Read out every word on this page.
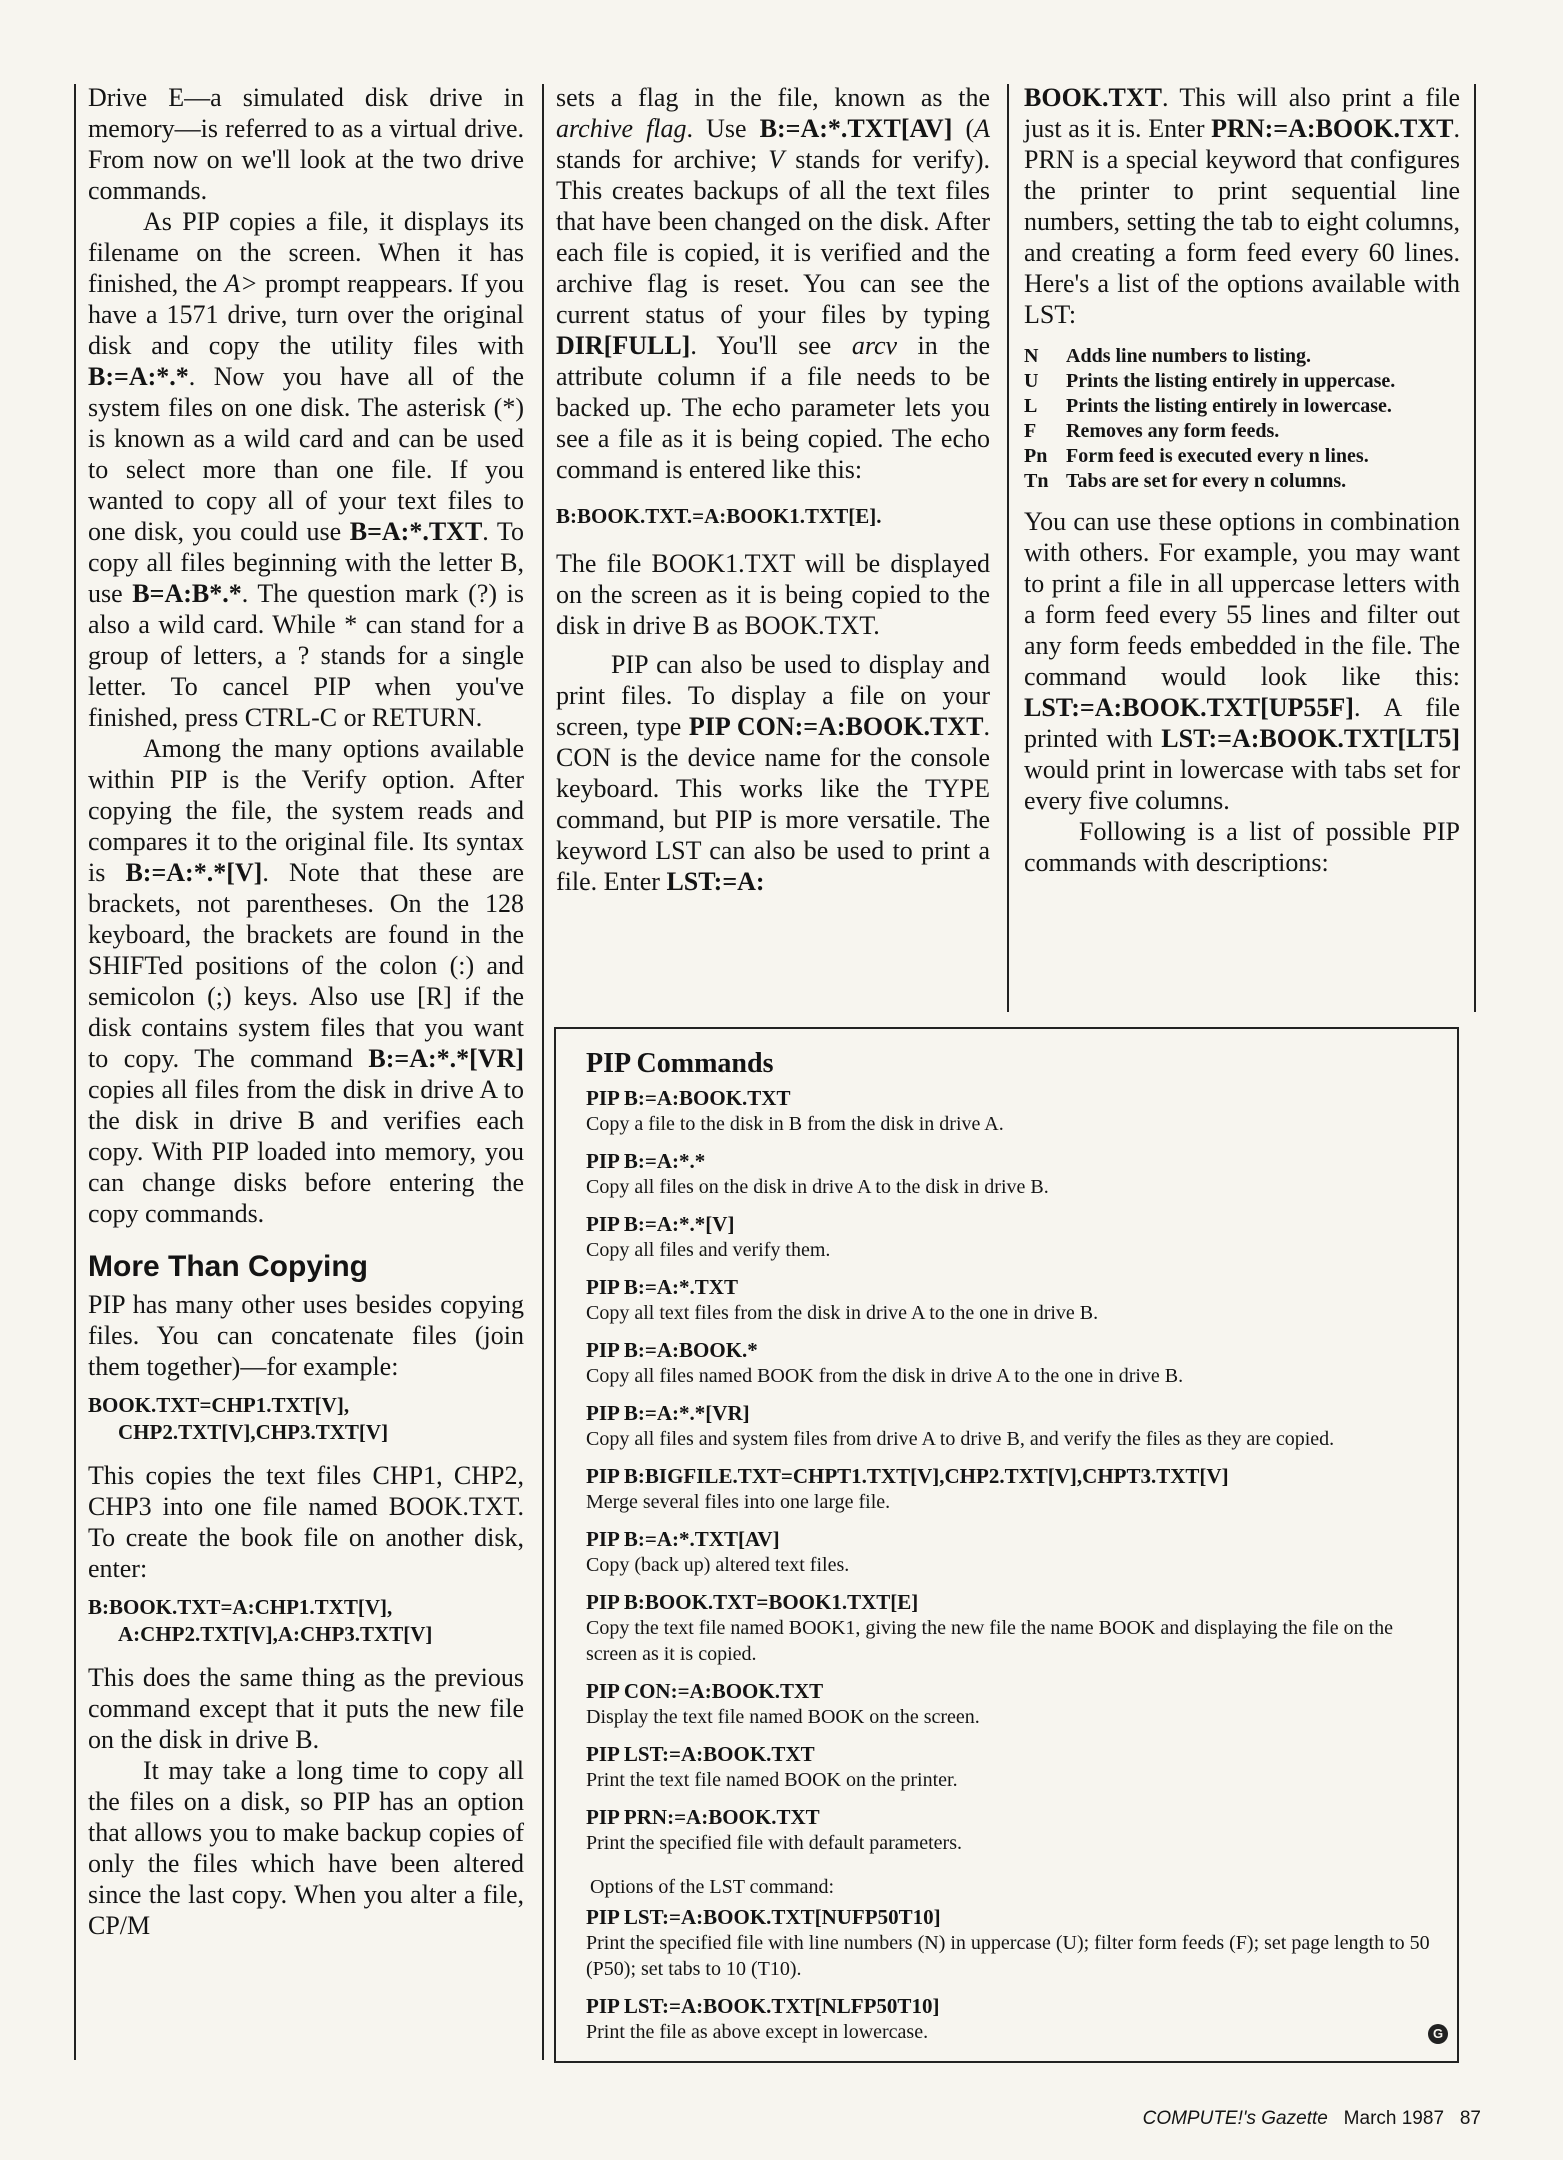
Drive E—a simulated disk drive in memory—is referred to as a virtual drive. From now on we'll look at the two drive commands.

As PIP copies a file, it displays its filename on the screen. When it has finished, the A> prompt reappears. If you have a 1571 drive, turn over the original disk and copy the utility files with B:=A:*.*. Now you have all of the system files on one disk. The asterisk (*) is known as a wild card and can be used to select more than one file. If you wanted to copy all of your text files to one disk, you could use B=A:*.TXT. To copy all files beginning with the letter B, use B=A:B*.*. The question mark (?) is also a wild card. While * can stand for a group of letters, a ? stands for a single letter. To cancel PIP when you've finished, press CTRL-C or RETURN.

Among the many options available within PIP is the Verify option. After copying the file, the system reads and compares it to the original file. Its syntax is B:=A:*.*[V]. Note that these are brackets, not parentheses. On the 128 keyboard, the brackets are found in the SHIFTed positions of the colon (:) and semicolon (;) keys. Also use [R] if the disk contains system files that you want to copy. The command B:=A:*.*[VR] copies all files from the disk in drive A to the disk in drive B and verifies each copy. With PIP loaded into memory, you can change disks before entering the copy commands.

More Than Copying

PIP has many other uses besides copying files. You can concatenate files (join them together)—for example:

BOOK.TXT=CHP1.TXT[V],
CHP2.TXT[V],CHP3.TXT[V]

This copies the text files CHP1, CHP2, CHP3 into one file named BOOK.TXT. To create the book file on another disk, enter:

B:BOOK.TXT=A:CHP1.TXT[V],
A:CHP2.TXT[V],A:CHP3.TXT[V]

This does the same thing as the previous command except that it puts the new file on the disk in drive B.

It may take a long time to copy all the files on a disk, so PIP has an option that allows you to make backup copies of only the files which have been altered since the last copy. When you alter a file, CP/M

sets a flag in the file, known as the archive flag. Use B:=A:*.TXT[AV] (A stands for archive; V stands for verify). This creates backups of all the text files that have been changed on the disk. After each file is copied, it is verified and the archive flag is reset. You can see the current status of your files by typing DIR[FULL]. You'll see arcv in the attribute column if a file needs to be backed up. The echo parameter lets you see a file as it is being copied. The echo command is entered like this:

B:BOOK.TXT.=A:BOOK1.TXT[E].

The file BOOK1.TXT will be displayed on the screen as it is being copied to the disk in drive B as BOOK.TXT.

PIP can also be used to display and print files. To display a file on your screen, type PIP CON:=A:BOOK.TXT. CON is the device name for the console keyboard. This works like the TYPE command, but PIP is more versatile. The keyword LST can also be used to print a file. Enter LST:=A:

BOOK.TXT. This will also print a file just as it is. Enter PRN:=A:BOOK.TXT. PRN is a special keyword that configures the printer to print sequential line numbers, setting the tab to eight columns, and creating a form feed every 60 lines. Here's a list of the options available with LST:

N Adds line numbers to listing.
U Prints the listing entirely in uppercase.
L Prints the listing entirely in lowercase.
F Removes any form feeds.
Pn Form feed is executed every n lines.
Tn Tabs are set for every n columns.

You can use these options in combination with others. For example, you may want to print a file in all uppercase letters with a form feed every 55 lines and filter out any form feeds embedded in the file. The command would look like this: LST:=A:BOOK.TXT[UP55F]. A file printed with LST:=A:BOOK.TXT[LT5] would print in lowercase with tabs set for every five columns.

Following is a list of possible PIP commands with descriptions:

PIP Commands
PIP B:=A:BOOK.TXT
Copy a file to the disk in B from the disk in drive A.
PIP B:=A:*.*
Copy all files on the disk in drive A to the disk in drive B.
PIP B:=A:*.*[V]
Copy all files and verify them.
PIP B:=A:*.TXT
Copy all text files from the disk in drive A to the one in drive B.
PIP B:=A:BOOK.*
Copy all files named BOOK from the disk in drive A to the one in drive B.
PIP B:=A:*.*[VR]
Copy all files and system files from drive A to drive B, and verify the files as they are copied.
PIP B:BIGFILE.TXT=CHPT1.TXT[V],CHP2.TXT[V],CHPT3.TXT[V]
Merge several files into one large file.
PIP B:=A:*.TXT[AV]
Copy (back up) altered text files.
PIP B:BOOK.TXT=BOOK1.TXT[E]
Copy the text file named BOOK1, giving the new file the name BOOK and displaying the file on the screen as it is copied.
PIP CON:=A:BOOK.TXT
Display the text file named BOOK on the screen.
PIP LST:=A:BOOK.TXT
Print the text file named BOOK on the printer.
PIP PRN:=A:BOOK.TXT
Print the specified file with default parameters.
Options of the LST command:
PIP LST:=A:BOOK.TXT[NUFP50T10]
Print the specified file with line numbers (N) in uppercase (U); filter form feeds (F); set page length to 50 (P50); set tabs to 10 (T10).
PIP LST:=A:BOOK.TXT[NLFP50T10]
Print the file as above except in lowercase.	G
COMPUTE!'s Gazette March 1987 87
